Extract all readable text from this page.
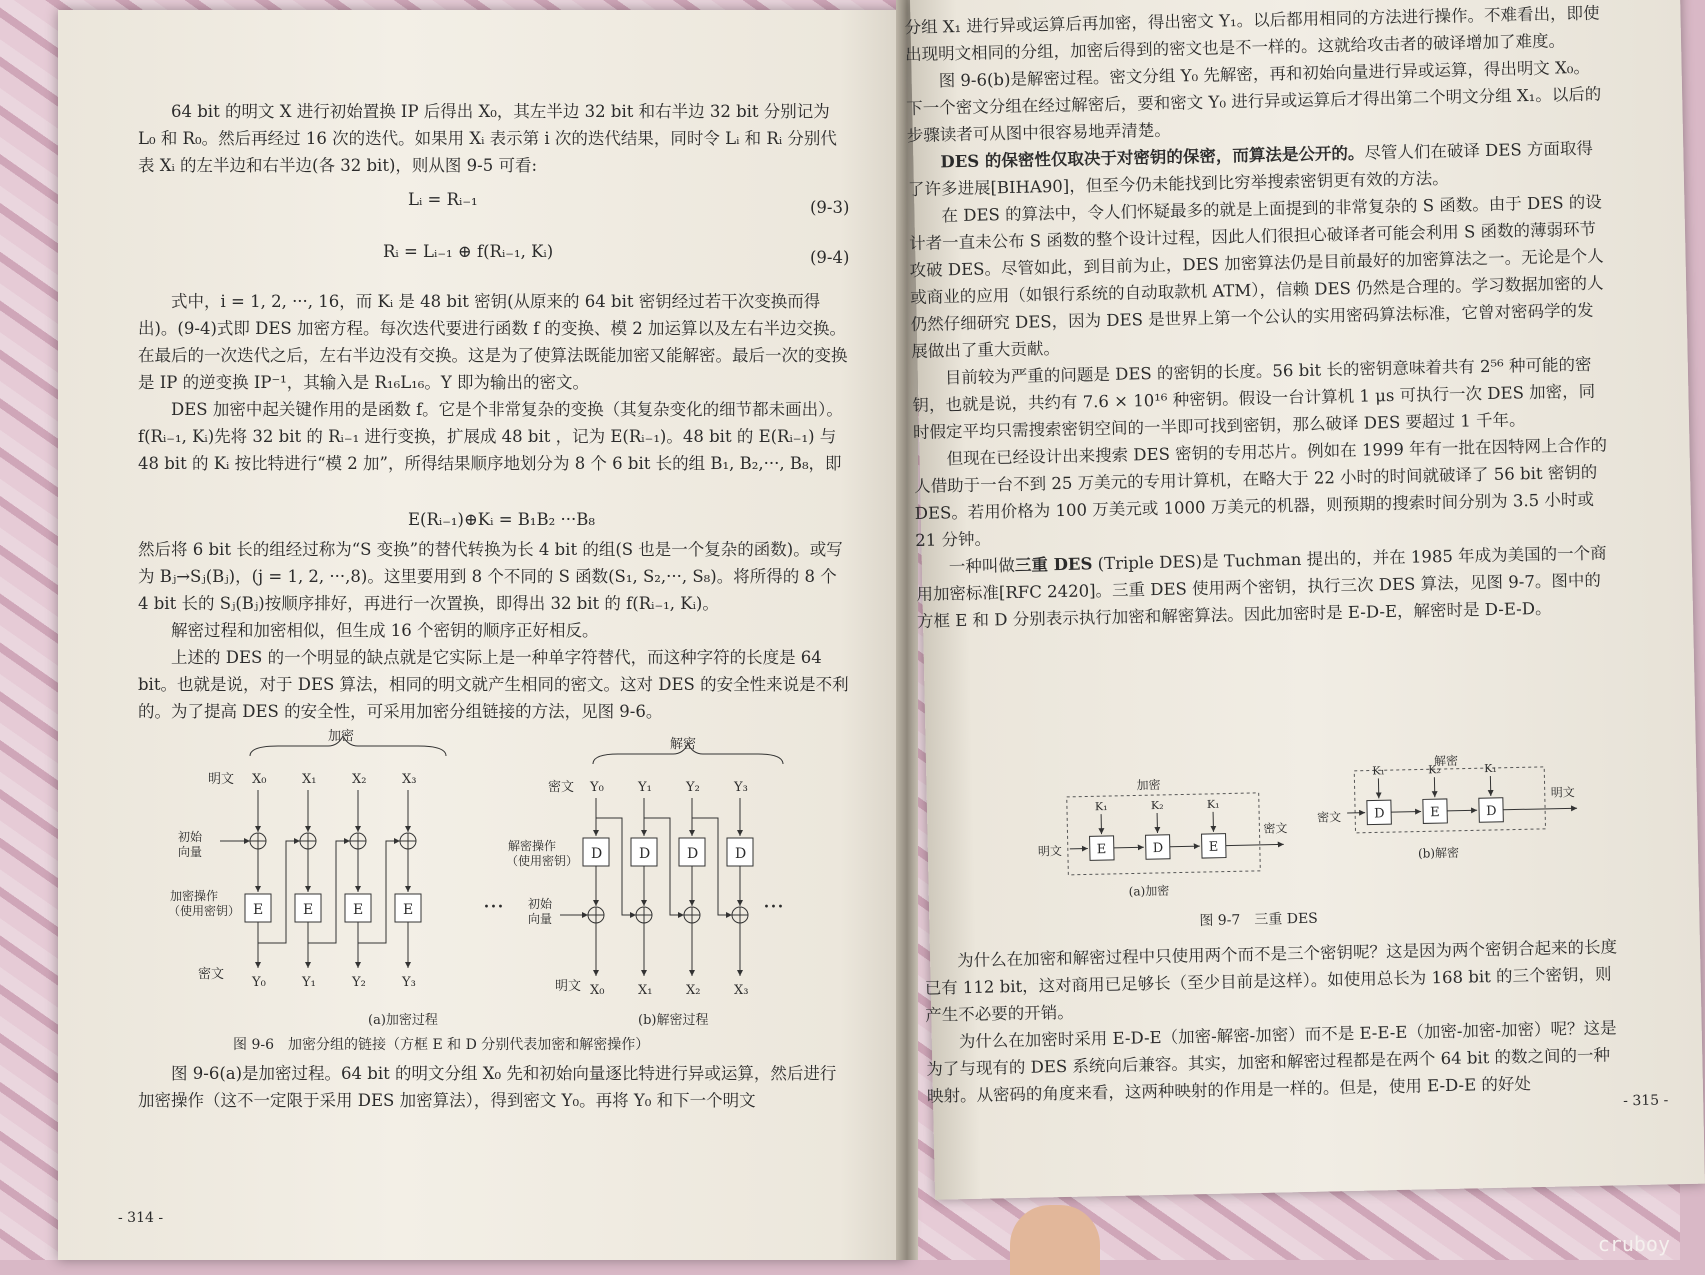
64 bit 的明文 X 进行初始置换 IP 后得出 X₀，其左半边 32 bit 和右半边 32 bit 分别记为 L₀ 和 R₀。然后再经过 16 次的迭代。如果用 Xᵢ 表示第 i 次的迭代结果，同时令 Lᵢ 和 Rᵢ 分别代表 Xᵢ 的左半边和右半边(各 32 bit)，则从图 9-5 可看:

Lᵢ = Rᵢ₋₁	(9-3)
Rᵢ = Lᵢ₋₁ ⊕ f(Rᵢ₋₁, Kᵢ)	(9-4)

式中，i = 1, 2, ···, 16，而 Kᵢ 是 48 bit 密钥(从原来的 64 bit 密钥经过若干次变换而得出)。(9-4)式即 DES 加密方程。每次迭代要进行函数 f 的变换、模 2 加运算以及左右半边交换。在最后的一次迭代之后，左右半边没有交换。这是为了使算法既能加密又能解密。最后一次的变换是 IP 的逆变换 IP⁻¹，其输入是 R₁₆L₁₆。Y 即为输出的密文。

DES 加密中起关键作用的是函数 f。它是个非常复杂的变换（其复杂变化的细节都未画出）。f(Rᵢ₋₁, Kᵢ)先将 32 bit 的 Rᵢ₋₁ 进行变换，扩展成 48 bit ，记为 E(Rᵢ₋₁)。48 bit 的 E(Rᵢ₋₁) 与 48 bit 的 Kᵢ 按比特进行“模 2 加”，所得结果顺序地划分为 8 个 6 bit 长的组 B₁, B₂,···, B₈，即

E(Rᵢ₋₁)⊕Kᵢ = B₁B₂ ···B₈

然后将 6 bit 长的组经过称为“S 变换”的替代转换为长 4 bit 的组(S 也是一个复杂的函数)。或写为 Bⱼ→Sⱼ(Bⱼ)，(j = 1, 2, ···,8)。这里要用到 8 个不同的 S 函数(S₁, S₂,···, S₈)。将所得的 8 个 4 bit 长的 Sⱼ(Bⱼ)按顺序排好，再进行一次置换，即得出 32 bit 的 f(Rᵢ₋₁, Kᵢ)。

解密过程和加密相似，但生成 16 个密钥的顺序正好相反。

上述的 DES 的一个明显的缺点就是它实际上是一种单字符替代，而这种字符的长度是 64 bit。也就是说，对于 DES 算法，相同的明文就产生相同的密文。这对 DES 的安全性来说是不利的。为了提高 DES 的安全性，可采用加密分组链接的方法，见图 9-6。

加密
解密
明文 X₀
E
Y₀
X₁
E
Y₁
X₂
E
Y₂
X₃
E
Y₃
初始
向量
加密操作
（使用密钥）
密文
···
(a)加密过程
密文 Y₀
D
X₀
Y₁
D
X₁
Y₂
D
X₂
Y₃
D
X₃
解密操作
（使用密钥）
初始
向量
明文
···
(b)解密过程
图 9-6　加密分组的链接（方框 E 和 D 分别代表加密和解密操作）

图 9-6(a)是加密过程。64 bit 的明文分组 X₀ 先和初始向量逐比特进行异或运算，然后进行加密操作（这不一定限于采用 DES 加密算法），得到密文 Y₀。再将 Y₀ 和下一个明文

- 314 -

分组 X₁ 进行异或运算后再加密，得出密文 Y₁。以后都用相同的方法进行操作。不难看出，即使出现明文相同的分组，加密后得到的密文也是不一样的。这就给攻击者的破译增加了难度。

图 9-6(b)是解密过程。密文分组 Y₀ 先解密，再和初始向量进行异或运算，得出明文 X₀。下一个密文分组在经过解密后，要和密文 Y₀ 进行异或运算后才得出第二个明文分组 X₁。以后的步骤读者可从图中很容易地弄清楚。

DES 的保密性仅取决于对密钥的保密，而算法是公开的。尽管人们在破译 DES 方面取得了许多进展[BIHA90]，但至今仍未能找到比穷举搜索密钥更有效的方法。

在 DES 的算法中，令人们怀疑最多的就是上面提到的非常复杂的 S 函数。由于 DES 的设计者一直未公布 S 函数的整个设计过程，因此人们很担心破译者可能会利用 S 函数的薄弱环节攻破 DES。尽管如此，到目前为止，DES 加密算法仍是目前最好的加密算法之一。无论是个人或商业的应用（如银行系统的自动取款机 ATM），信赖 DES 仍然是合理的。学习数据加密的人仍然仔细研究 DES，因为 DES 是世界上第一个公认的实用密码算法标准，它曾对密码学的发展做出了重大贡献。

目前较为严重的问题是 DES 的密钥的长度。56 bit 长的密钥意味着共有 2⁵⁶ 种可能的密钥，也就是说，共约有 7.6 × 10¹⁶ 种密钥。假设一台计算机 1 μs 可执行一次 DES 加密，同时假定平均只需搜索密钥空间的一半即可找到密钥，那么破译 DES 要超过 1 千年。

但现在已经设计出来搜索 DES 密钥的专用芯片。例如在 1999 年有一批在因特网上合作的人借助于一台不到 25 万美元的专用计算机，在略大于 22 小时的时间就破译了 56 bit 密钥的 DES。若用价格为 100 万美元或 1000 万美元的机器，则预期的搜索时间分别为 3.5 小时或 21 分钟。

一种叫做三重 DES (Triple DES)是 Tuchman 提出的，并在 1985 年成为美国的一个商用加密标准[RFC 2420]。三重 DES 使用两个密钥，执行三次 DES 算法，见图 9-7。图中的方框 E 和 D 分别表示执行加密和解密算法。因此加密时是 E-D-E，解密时是 D-E-D。

加密
明文	E
K₁
D
K₂
E
K₁
密文
(a)加密
解密
密文	D
K₁
E
K₂
D
K₁
明文
(b)解密
图 9-7　三重 DES

为什么在加密和解密过程中只使用两个而不是三个密钥呢？这是因为两个密钥合起来的长度已有 112 bit，这对商用已足够长（至少目前是这样）。如使用总长为 168 bit 的三个密钥，则产生不必要的开销。

为什么在加密时采用 E-D-E（加密-解密-加密）而不是 E-E-E（加密-加密-加密）呢？这是为了与现有的 DES 系统向后兼容。其实，加密和解密过程都是在两个 64 bit 的数之间的一种映射。从密码的角度来看，这两种映射的作用是一样的。但是，使用 E-D-E 的好处	- 315 -
cruboy
